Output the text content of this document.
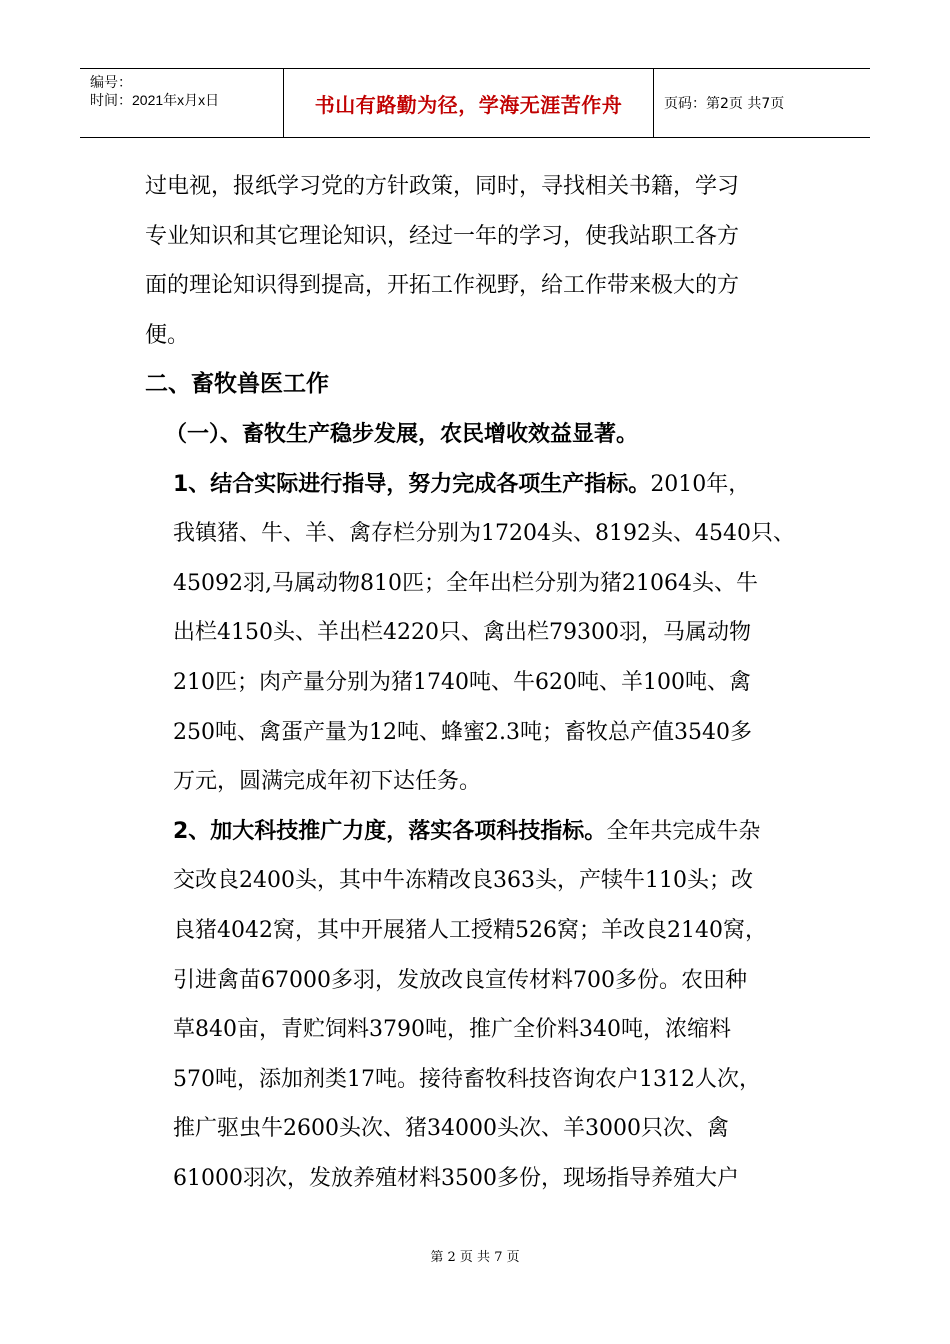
编号：
时间：2021年x月x日	书山有路勤为径，学海无涯苦作舟	页码：第2页 共7页
过电视，报纸学习党的方针政策，同时，寻找相关书籍，学习
专业知识和其它理论知识，经过一年的学习，使我站职工各方
面的理论知识得到提高，开拓工作视野，给工作带来极大的方
便。
二、畜牧兽医工作
（一）、畜牧生产稳步发展，农民增收效益显著。
1、结合实际进行指导，努力完成各项生产指标。2010年，
我镇猪、牛、羊、禽存栏分别为17204头、8192头、4540只、
45092羽,马属动物810匹；全年出栏分别为猪21064头、牛
出栏4150头、羊出栏4220只、禽出栏79300羽，马属动物
210匹；肉产量分别为猪1740吨、牛620吨、羊100吨、禽
250吨、禽蛋产量为12吨、蜂蜜2.3吨；畜牧总产值3540多
万元，圆满完成年初下达任务。
2、加大科技推广力度，落实各项科技指标。全年共完成牛杂
交改良2400头，其中牛冻精改良363头，产犊牛110头；改
良猪4042窝，其中开展猪人工授精526窝；羊改良2140窝，
引进禽苗67000多羽，发放改良宣传材料700多份。农田种
草840亩，青贮饲料3790吨，推广全价料340吨，浓缩料
570吨，添加剂类17吨。接待畜牧科技咨询农户1312人次，
推广驱虫牛2600头次、猪34000头次、羊3000只次、禽
61000羽次，发放养殖材料3500多份，现场指导养殖大户
第 2 页 共 7 页
